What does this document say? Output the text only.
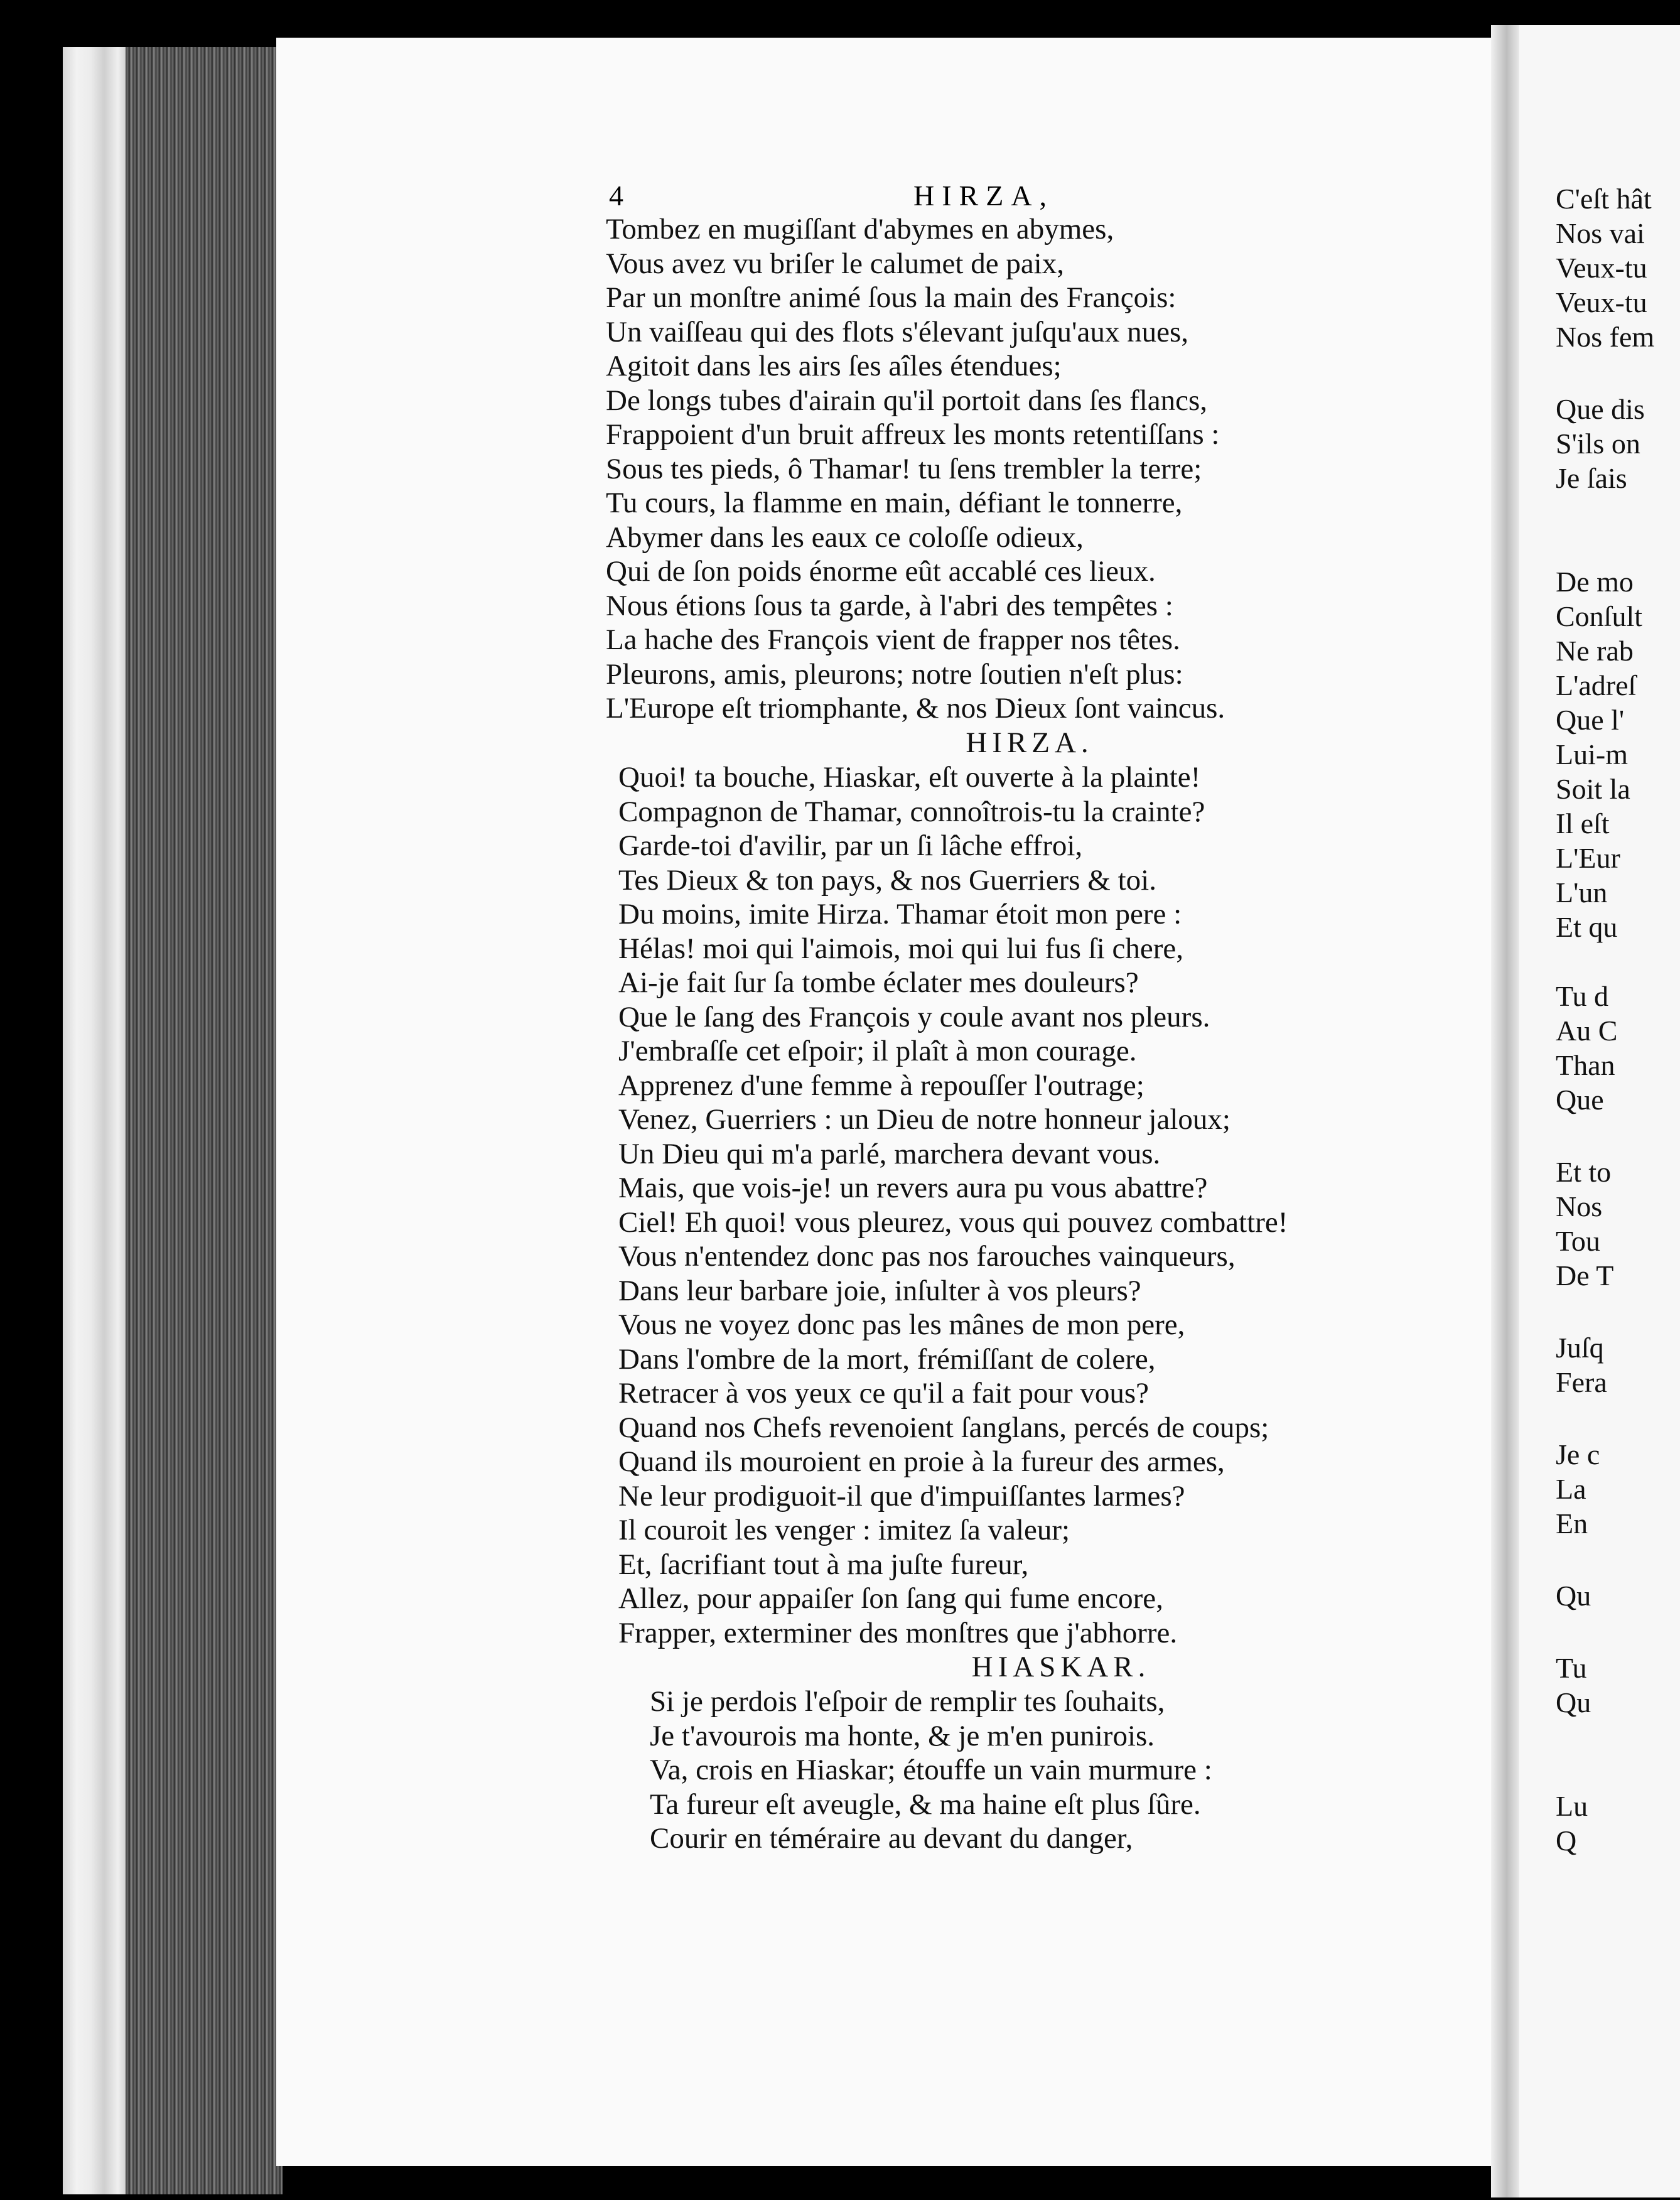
4	HIRZA,
Tombez en mugiſſant d'abymes en abymes,
Vous avez vu briſer le calumet de paix,
Par un monſtre animé ſous la main des François:
Un vaiſſeau qui des flots s'élevant juſqu'aux nues,
Agitoit dans les airs ſes aîles étendues;
De longs tubes d'airain qu'il portoit dans ſes flancs,
Frappoient d'un bruit affreux les monts retentiſſans :
Sous tes pieds, ô Thamar! tu ſens trembler la terre;
Tu cours, la flamme en main, défiant le tonnerre,
Abymer dans les eaux ce coloſſe odieux,
Qui de ſon poids énorme eût accablé ces lieux.
Nous étions ſous ta garde, à l'abri des tempêtes :
La hache des François vient de frapper nos têtes.
Pleurons, amis, pleurons; notre ſoutien n'eſt plus:
L'Europe eſt triomphante, & nos Dieux ſont vaincus.
HIRZA.
Quoi! ta bouche, Hiaskar, eſt ouverte à la plainte!
Compagnon de Thamar, connoîtrois-tu la crainte?
Garde-toi d'avilir, par un ſi lâche effroi,
Tes Dieux & ton pays, & nos Guerriers & toi.
Du moins, imite Hirza. Thamar étoit mon pere :
Hélas! moi qui l'aimois, moi qui lui fus ſi chere,
Ai-je fait ſur ſa tombe éclater mes douleurs?
Que le ſang des François y coule avant nos pleurs.
J'embraſſe cet eſpoir; il plaît à mon courage.
Apprenez d'une femme à repouſſer l'outrage;
Venez, Guerriers : un Dieu de notre honneur jaloux;
Un Dieu qui m'a parlé, marchera devant vous.
Mais, que vois-je! un revers aura pu vous abattre?
Ciel! Eh quoi! vous pleurez, vous qui pouvez combattre!
Vous n'entendez donc pas nos farouches vainqueurs,
Dans leur barbare joie, inſulter à vos pleurs?
Vous ne voyez donc pas les mânes de mon pere,
Dans l'ombre de la mort, frémiſſant de colere,
Retracer à vos yeux ce qu'il a fait pour vous?
Quand nos Chefs revenoient ſanglans, percés de coups;
Quand ils mouroient en proie à la fureur des armes,
Ne leur prodiguoit-il que d'impuiſſantes larmes?
Il couroit les venger : imitez ſa valeur;
Et, ſacrifiant tout à ma juſte fureur,
Allez, pour appaiſer ſon ſang qui fume encore,
Frapper, exterminer des monſtres que j'abhorre.
HIASKAR.
Si je perdois l'eſpoir de remplir tes ſouhaits,
Je t'avourois ma honte, & je m'en punirois.
Va, crois en Hiaskar; étouffe un vain murmure :
Ta fureur eſt aveugle, & ma haine eſt plus ſûre.
Courir en téméraire au devant du danger,
C'eſt hât
Nos vai
Veux-tu
Veux-tu
Nos fem
Que dis
S'ils on
Je ſais
De mo
Conſult
Ne rab
L'adreſ
Que l'
Lui-m
Soit la
Il eſt
L'Eur
L'un
Et qu
Tu d
Au C
Than
Que
Et to
Nos
Tou
De T
Juſq
Fera
Je c
La
En
Qu
Tu
Qu
Lu
Q
